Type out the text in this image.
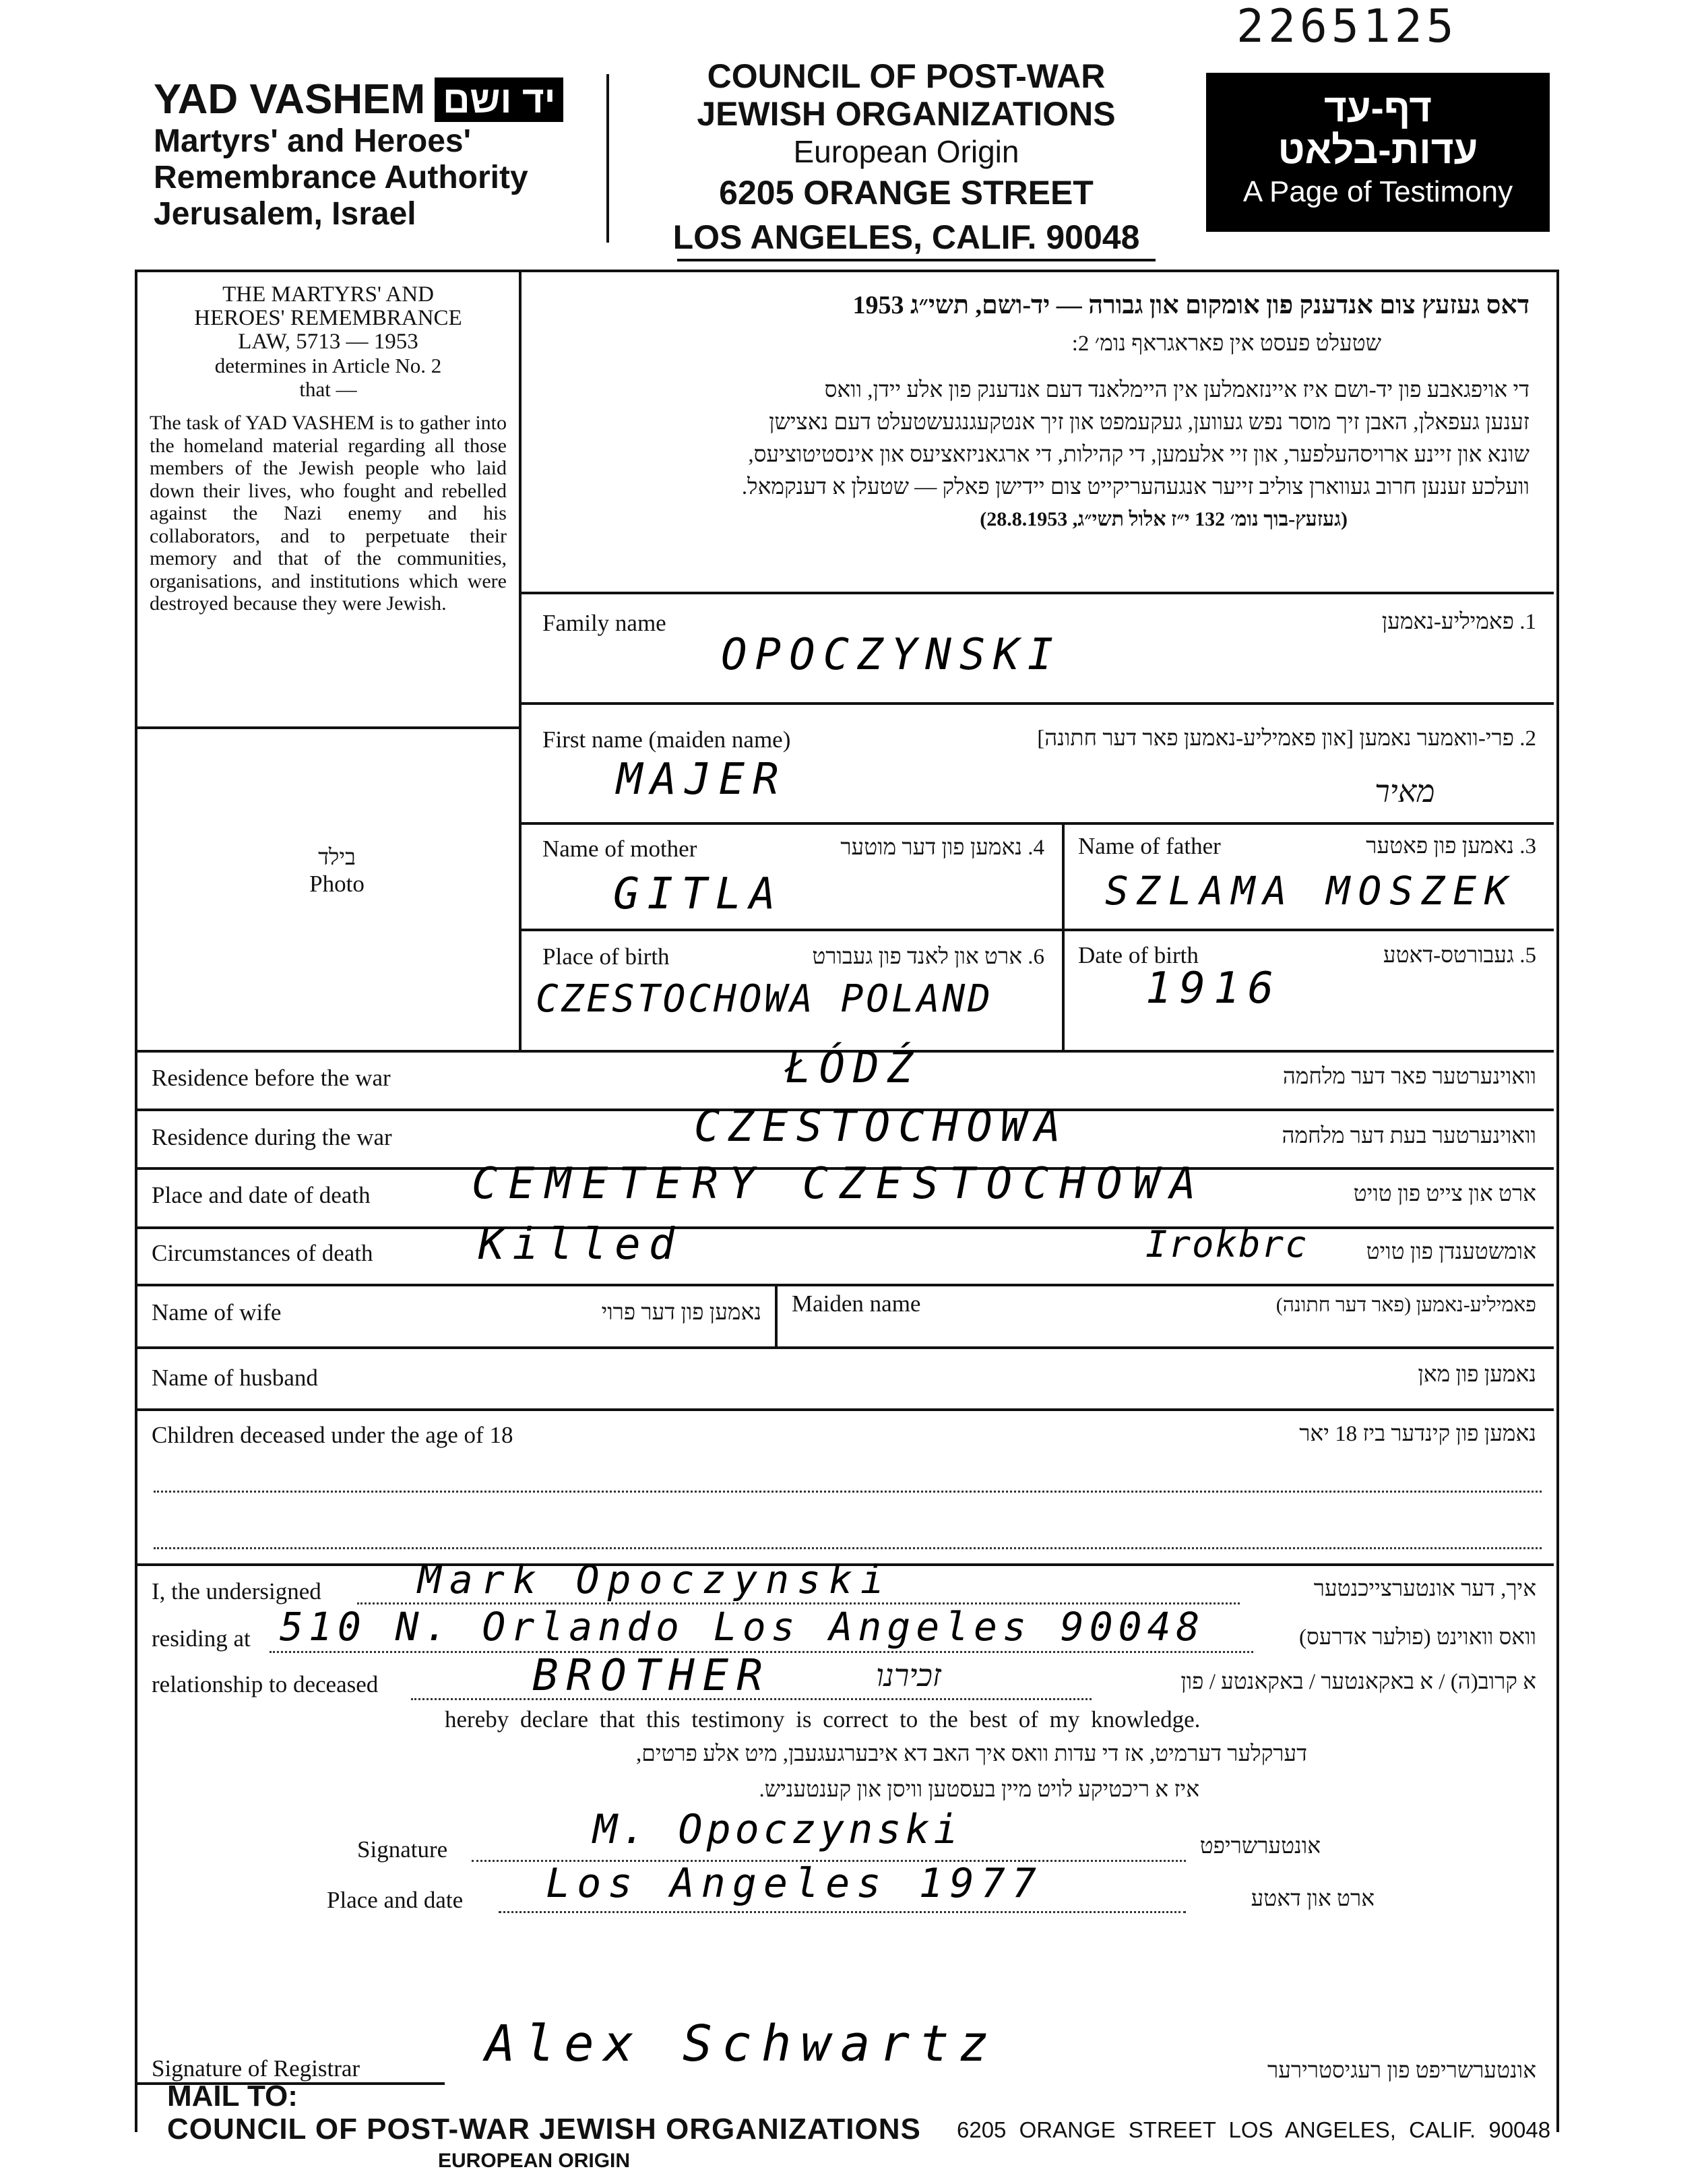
2265125
YAD VASHEM יד ושם
Martyrs' and Heroes'
Remembrance Authority
Jerusalem, Israel
COUNCIL OF POST-WAR
JEWISH ORGANIZATIONS
European Origin
6205 ORANGE STREET
LOS ANGELES, CALIF. 90048
דף-עד
עדות-בלאט
A Page of Testimony
THE MARTYRS' AND
HEROES' REMEMBRANCE
LAW, 5713 — 1953
determines in Article No. 2
that —
The task of YAD VASHEM is to gather into the homeland material regarding all those members of the Jewish people who laid down their lives, who fought and rebelled against the Nazi enemy and his collaborators, and to perpetuate their memory and that of the communities, organisations, and institutions which were destroyed because they were Jewish.
בילד
Photo
דאס געזעץ צום אנדענק פון אומקום און גבורה — יד-ושם, תשי״ג 1953
שטעלט פעסט אין פאראגראף נומ׳ 2:
די אויפגאבע פון יד-ושם איז איינזאמלען אין היימלאנד דעם אנדענק פון אלע יידן, וואס
זענען געפאלן, האבן זיך מוסר נפש געווען, געקעמפט און זיך אנטקעגנגעשטעלט דעם נאצישן
שונא און זיינע ארויסהעלפער, און זיי אלעמען, די קהילות, די ארגאניזאציעס און אינסטיטוציעס,
וועלכע זענען חרוב געווארן צוליב זייער אנגעהעריקייט צום יידישן פאלק — שטעלן א דענקמאל.
(געזעץ-בוך נומ׳ 132 י״ז אלול תשי״ג, 28.8.1953)
Family name	1. פאמיליע-נאמען
OPOCZYNSKI
First name (maiden name)	2. פרי-וואמער נאמען [און פאמיליע-נאמען פאר דער חתונה]
MAJER	מאיר
Name of mother	4. נאמען פון דער מוטער
GITLA
Name of father	3. נאמען פון פאטער
SZLAMA MOSZEK
Place of birth	6. ארט און לאנד פון געבורט
CZESTOCHOWA POLAND
Date of birth	5. געבורטס-דאטע
1916
Residence before the war	וואוינערטער פאר דער מלחמה
ŁÓDŹ
Residence during the war	וואוינערטער בעת דער מלחמה
CZESTOCHOWA
Place and date of death	ארט און צייט פון טויט
CEMETERY CZESTOCHOWA
Circumstances of death	אומשטענדן פון טויט
Killed	Irokbrc
Name of wife	נאמען פון דער פרוי Maiden name	פאמיליע-נאמען (פאר דער חתונה)
Name of husband	נאמען פון מאן
Children deceased under the age of 18	נאמען פון קינדער ביז 18 יאר
I, the undersigned Mark Opoczynski	איך, דער אונטערצייכנטער
residing at 510 N. Orlando Los Angeles 90048	וואס וואוינט (פולער אדרעס)
relationship to deceased	BROTHER	זכירנו	א קרוב(ה) / א באקאנטער / באקאנטע / פון
hereby declare that this testimony is correct to the best of my knowledge.
דערקלער דערמיט, אז די עדות וואס איך האב דא איבערגעגעבן, מיט אלע פרטים,
איז א ריכטיקע לויט מיין בעסטען וויסן און קענטעניש.
Signature	M. Opoczynski	אונטערשריפט
Place and date Los Angeles 1977	ארט און דאטע
Signature of Registrar	Alex Schwartz	אונטערשריפט פון רעגיסטרירער
MAIL TO:
COUNCIL OF POST-WAR JEWISH ORGANIZATIONS 6205 ORANGE STREET LOS ANGELES, CALIF. 90048
EUROPEAN ORIGIN
